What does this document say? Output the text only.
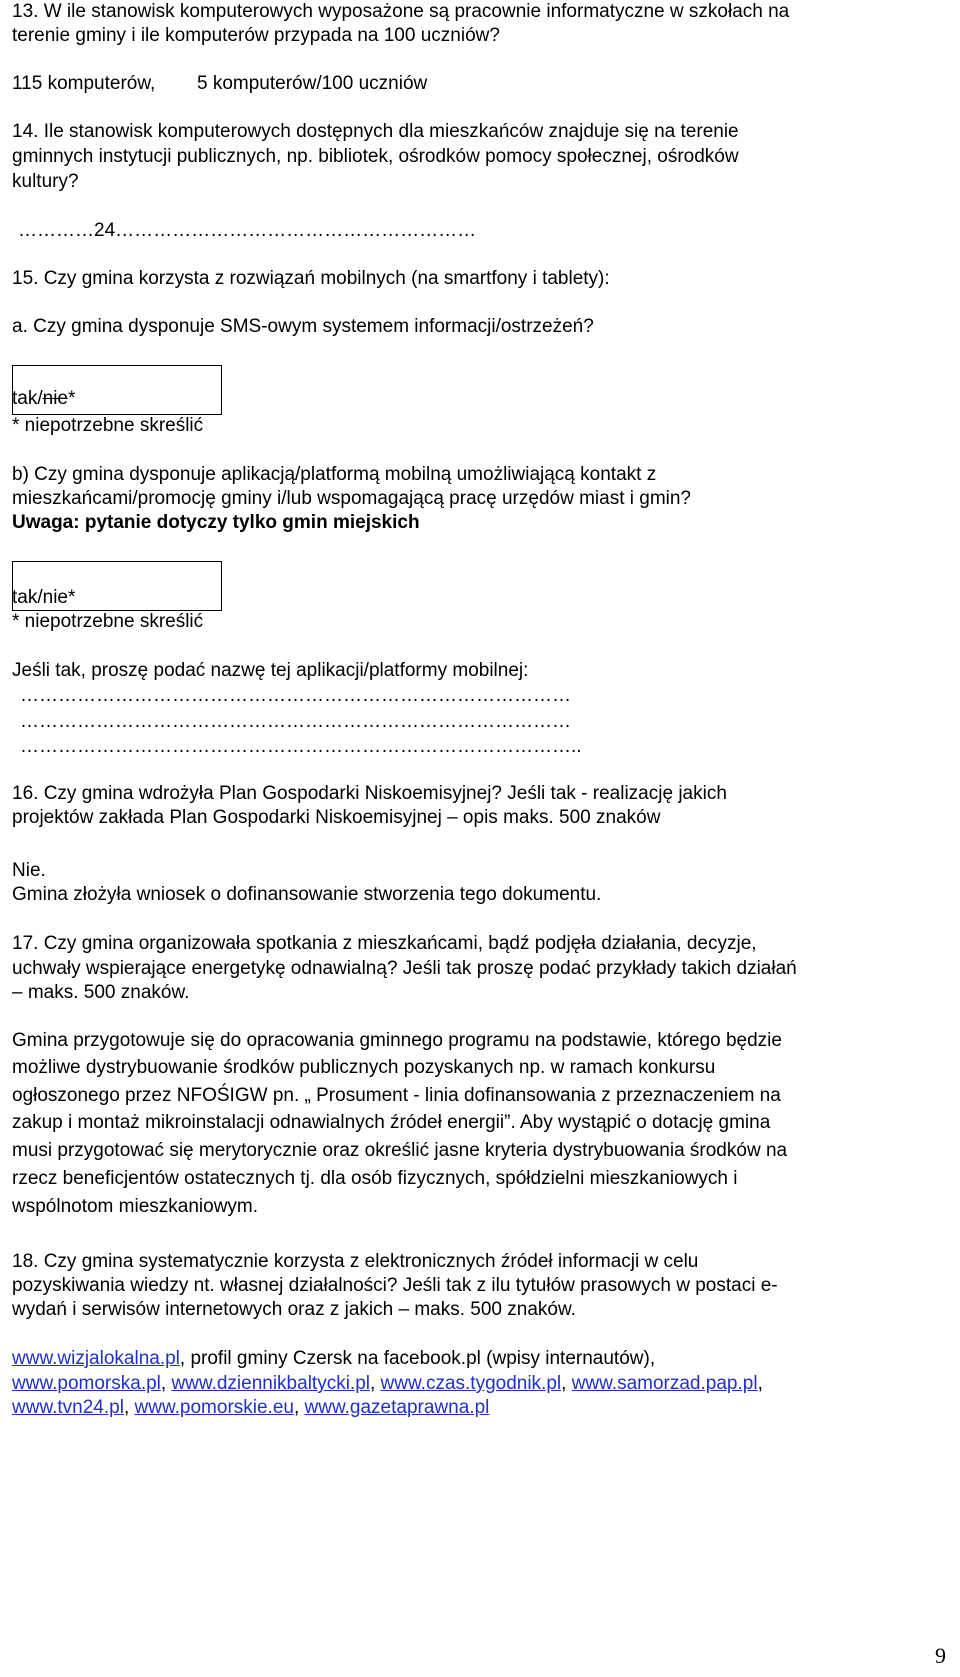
13. W ile stanowisk komputerowych wyposażone są pracownie informatyczne w szkołach na
terenie gminy i ile komputerów przypada na 100 uczniów?
115 komputerów, 5 komputerów/100 uczniów
14. Ile stanowisk komputerowych dostępnych dla mieszkańców znajduje się na terenie
gminnych instytucji publicznych, np. bibliotek, ośrodków pomocy społecznej, ośrodków
kultury?
…………24…………………………………………………
15. Czy gmina korzysta z rozwiązań mobilnych (na smartfony i tablety):
a. Czy gmina dysponuje SMS-owym systemem informacji/ostrzeżeń?
tak/nie*
* niepotrzebne skreślić
b) Czy gmina dysponuje aplikacją/platformą mobilną umożliwiającą kontakt z
mieszkańcami/promocję gminy i/lub wspomagającą pracę urzędów miast i gmin?
Uwaga: pytanie dotyczy tylko gmin miejskich
tak/nie*
* niepotrzebne skreślić
Jeśli tak, proszę podać nazwę tej aplikacji/platformy mobilnej:
……………………………………………………………………………
……………………………………………………………………………
……………………………………………………………………………..
16. Czy gmina wdrożyła Plan Gospodarki Niskoemisyjnej? Jeśli tak - realizację jakich
projektów zakłada Plan Gospodarki Niskoemisyjnej – opis maks. 500 znaków
Nie.
Gmina złożyła wniosek o dofinansowanie stworzenia tego dokumentu.
17. Czy gmina organizowała spotkania z mieszkańcami, bądź podjęła działania, decyzje,
uchwały wspierające energetykę odnawialną? Jeśli tak proszę podać przykłady takich działań
– maks. 500 znaków.
Gmina przygotowuje się do opracowania gminnego programu na podstawie, którego będzie
możliwe dystrybuowanie środków publicznych pozyskanych np. w ramach konkursu
ogłoszonego przez NFOŚIGW pn. „ Prosument - linia dofinansowania z przeznaczeniem na
zakup i montaż mikroinstalacji odnawialnych źródeł energii”. Aby wystąpić o dotację gmina
musi przygotować się merytorycznie oraz określić jasne kryteria dystrybuowania środków na
rzecz beneficjentów ostatecznych tj. dla osób fizycznych, spółdzielni mieszkaniowych i
wspólnotom mieszkaniowym.
18. Czy gmina systematycznie korzysta z elektronicznych źródeł informacji w celu
pozyskiwania wiedzy nt. własnej działalności? Jeśli tak z ilu tytułów prasowych w postaci e-
wydań i serwisów internetowych oraz z jakich – maks. 500 znaków.
www.wizjalokalna.pl, profil gminy Czersk na facebook.pl (wpisy internautów),
www.pomorska.pl, www.dziennikbaltycki.pl, www.czas.tygodnik.pl, www.samorzad.pap.pl,
www.tvn24.pl, www.pomorskie.eu, www.gazetaprawna.pl
9
